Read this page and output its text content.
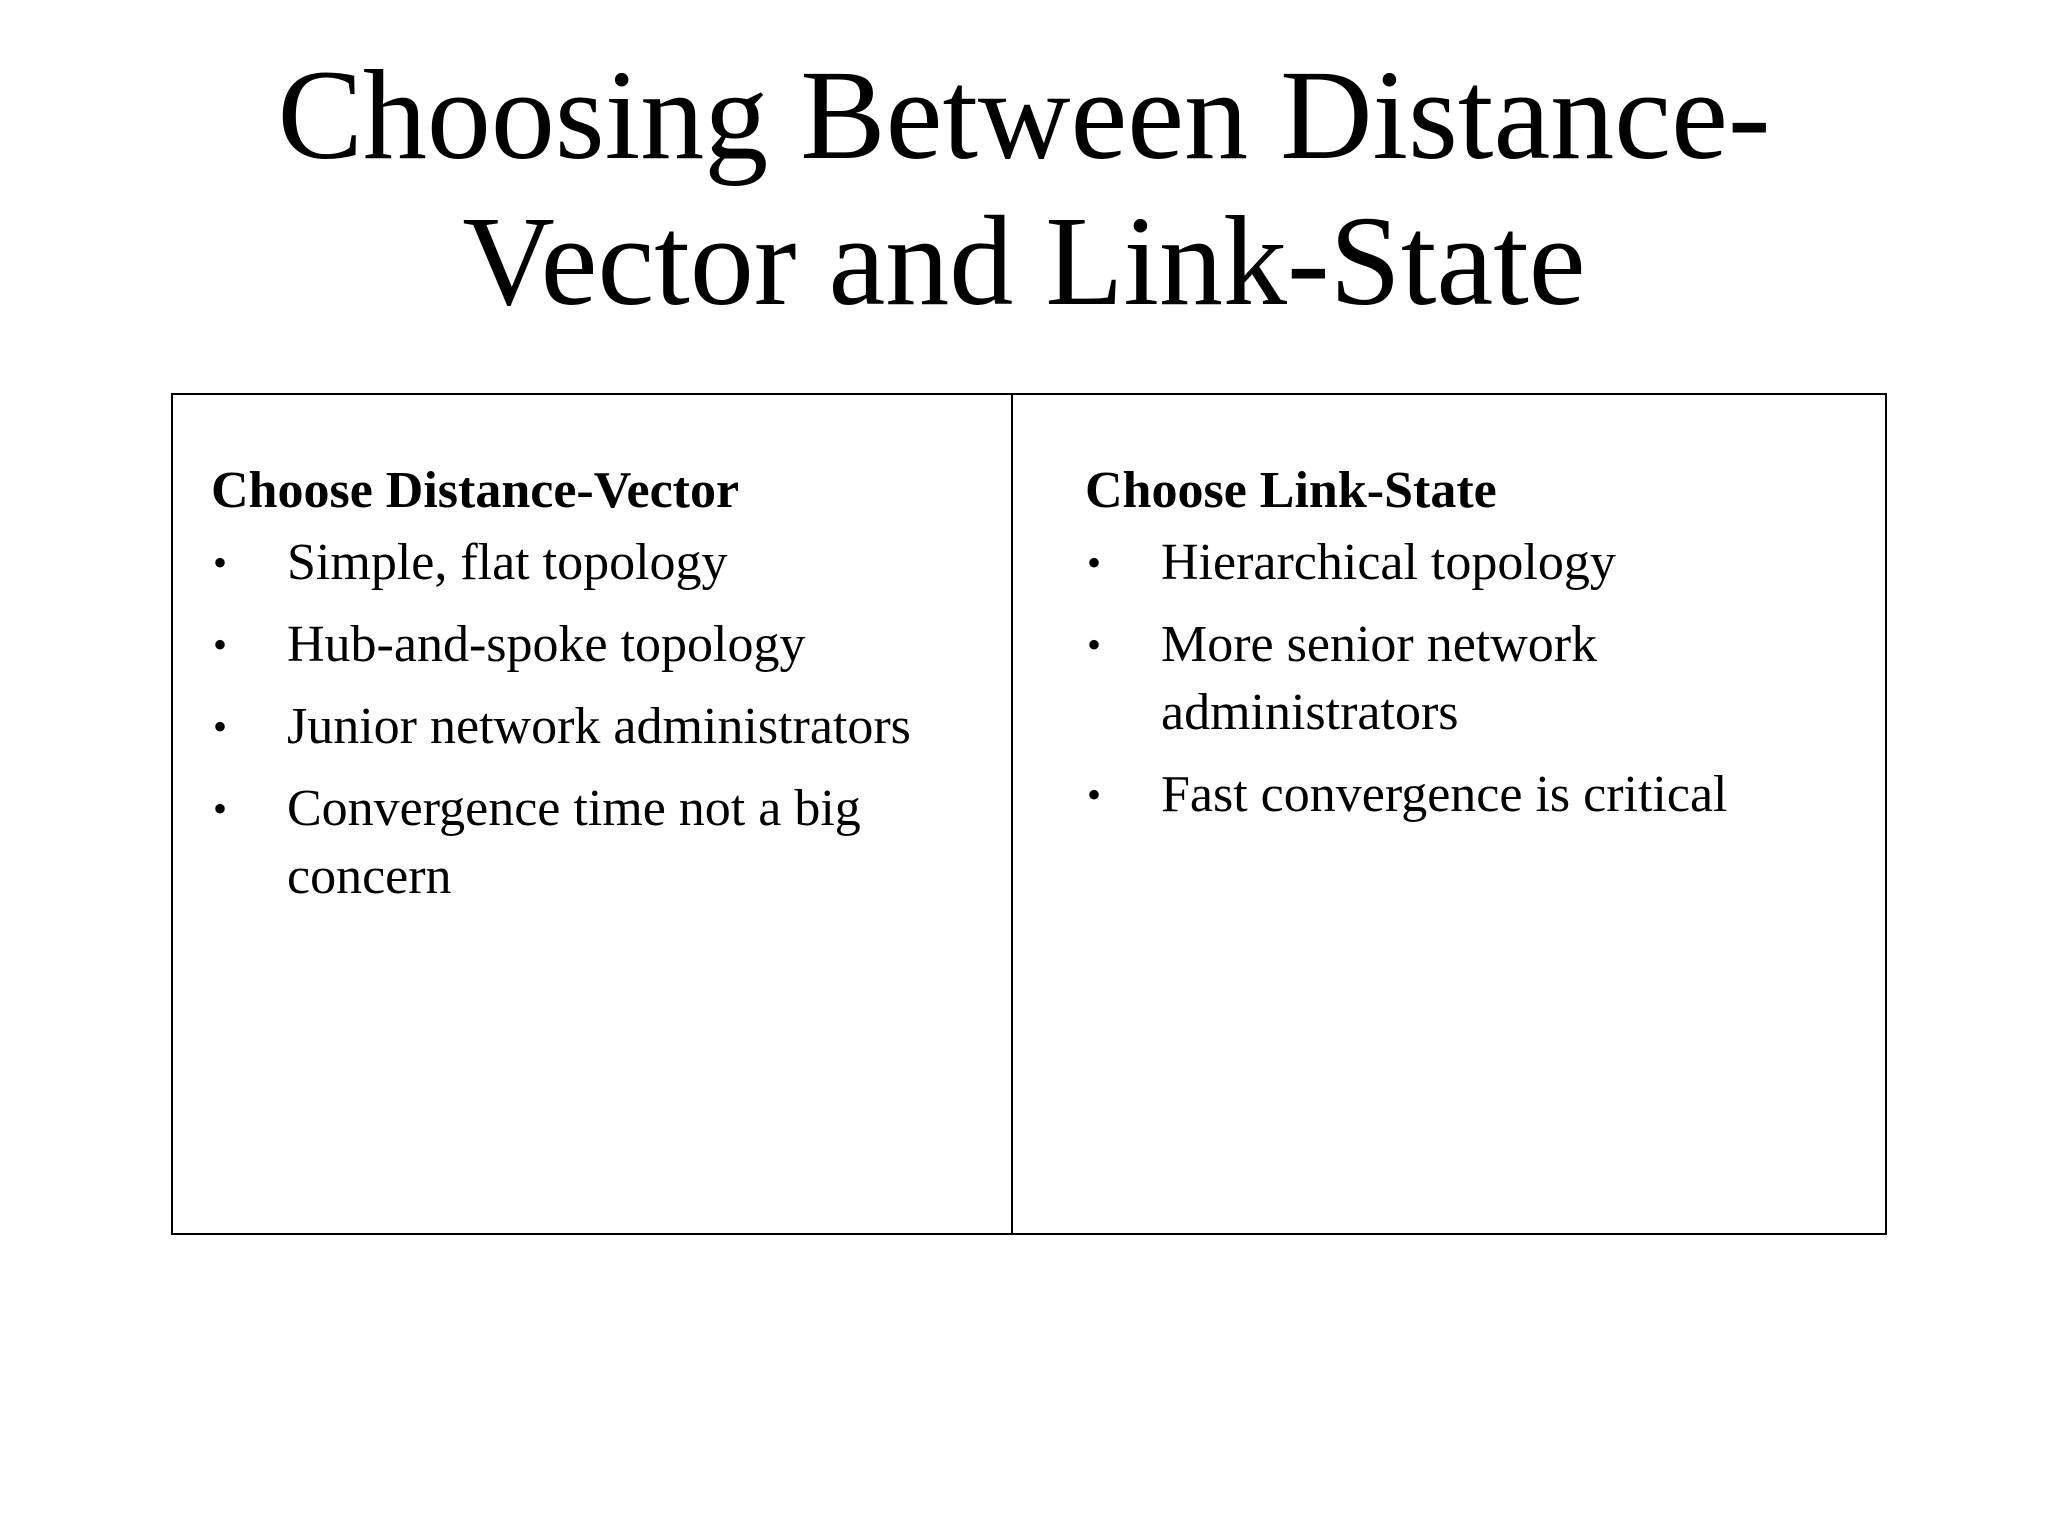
Choosing Between Distance-
Vector and Link-State
Choose Distance-Vector
• Simple, flat topology
• Hub-and-spoke topology
• Junior network administrators
• Convergence time not a big concern
Choose Link-State
• Hierarchical topology
• More senior network administrators
• Fast convergence is critical
